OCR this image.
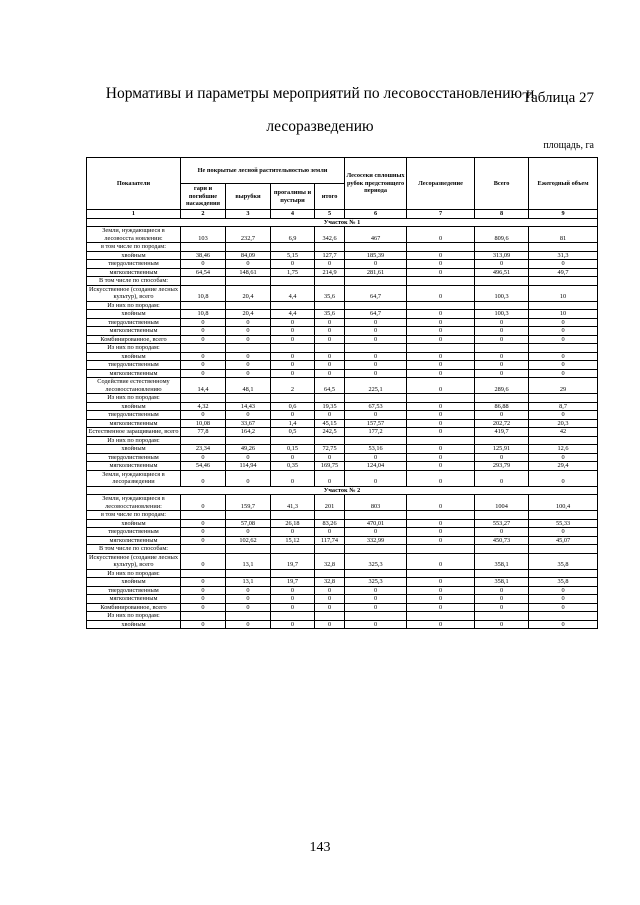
Таблица 27
Нормативы и параметры мероприятий по лесовосстановлению и
лесоразведению
площадь, га
Показатели	Не покрытые лесной растительностью земли				Лесосеки сплошных рубок предстоящего периода	Лесоразведение	Всего	Ежегодный объем
	гари и погибшие насаждения	вырубки	прогалины и пустыри	итого				
1	2	3	4	5	6	7	8	9
Участок № 1								
Земли, нуждающиеся в лесовосста новлении:	103	232,7	6,9	342,6	467	0	809,6	81
в том числе по породам:								
хвойным	38,46	84,09	5,15	127,7	185,39	0	313,09	31,3
твердолиственным	0	0	0	0	0	0	0	0
мягколиственным	64,54	148,61	1,75	214,9	281,61	0	496,51	49,7
В том числе по способам:								
Искусственное (создание лесных культур), всего	10,8	20,4	4,4	35,6	64,7	0	100,3	10
Из них по породам:								
хвойным	10,8	20,4	4,4	35,6	64,7	0	100,3	10
твердолиственным	0	0	0	0	0	0	0	0
мягколиственным	0	0	0	0	0	0	0	0
Комбинированное, всего	0	0	0	0	0	0	0	0
Из них по породам:								
хвойным	0	0	0	0	0	0	0	0
твердолиственным	0	0	0	0	0	0	0	0
мягколиственным	0	0	0	0	0	0	0	0
Содействие естественному лесовосстановлению	14,4	48,1	2	64,5	225,1	0	289,6	29
Из них по породам:								
хвойным	4,32	14,43	0,6	19,35	67,53	0	86,88	8,7
твердолиственным	0	0	0	0	0	0	0	0
мягколиственным	10,08	33,67	1,4	45,15	157,57	0	202,72	20,3
Естественное заращивание, всего	77,8	164,2	0,5	242,5	177,2	0	419,7	42
Из них по породам:								
хвойным	23,34	49,26	0,15	72,75	53,16	0	125,91	12,6
твердолиственным	0	0	0	0	0	0	0	0
мягколиственным	54,46	114,94	0,35	169,75	124,04	0	293,79	29,4
Земли, нуждающиеся в лесоразведении	0	0	0	0	0	0	0	0
Участок № 2								
Земли, нуждающиеся в лесовосстановлении:	0	159,7	41,3	201	803	0	1004	100,4
в том числе по породам:								
хвойным	0	57,08	26,18	83,26	470,01	0	553,27	55,33
твердолиственным	0	0	0	0	0	0	0	0
мягколиственным	0	102,62	15,12	117,74	332,99	0	450,73	45,07
В том числе по способам:								
Искусственное (создание лесных культур), всего	0	13,1	19,7	32,8	325,3	0	358,1	35,8
Из них по породам:								
хвойным	0	13,1	19,7	32,8	325,3	0	358,1	35,8
твердолиственным	0	0	0	0	0	0	0	0
мягколиственным	0	0	0	0	0	0	0	0
Комбинированное, всего	0	0	0	0	0	0	0	0
Из них по породам:								
хвойным	0	0	0	0	0	0	0	0
143
